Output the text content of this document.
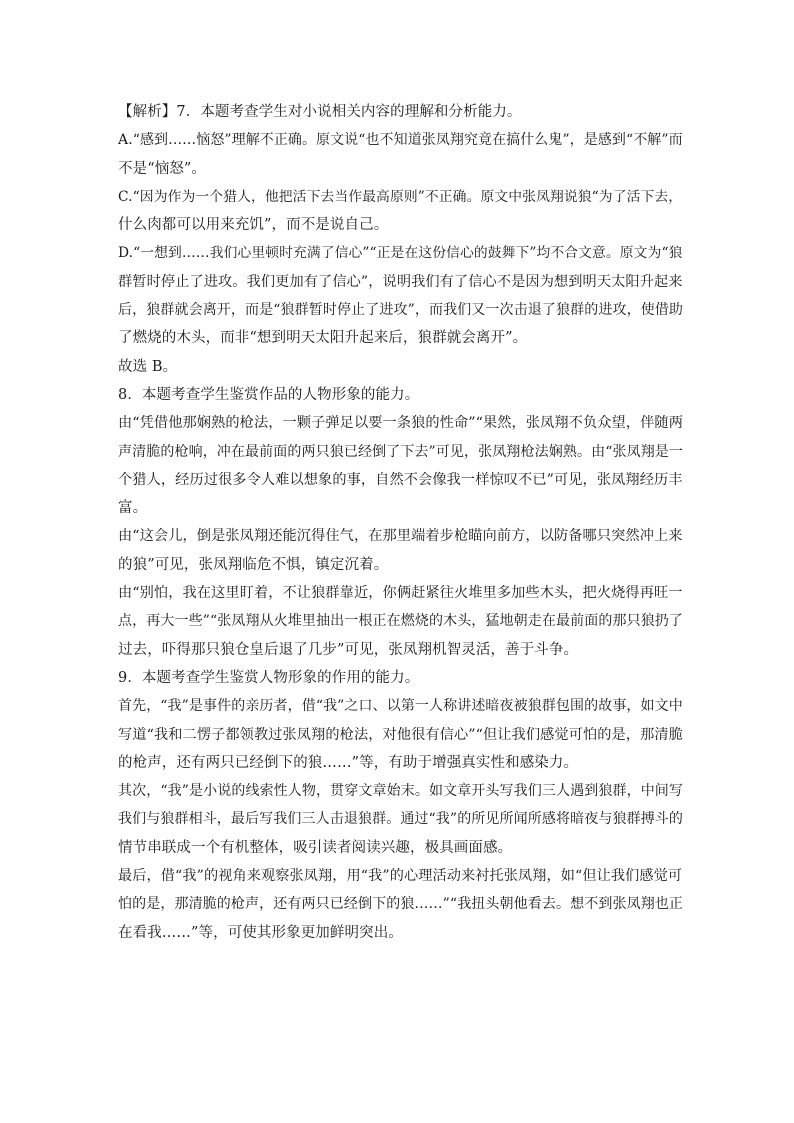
【解析】7．本题考查学生对小说相关内容的理解和分析能力。
A.“感到……恼怒”理解不正确。原文说“也不知道张凤翔究竟在搞什么鬼”，是感到“不解”而
不是“恼怒”。
C.“因为作为一个猎人，他把活下去当作最高原则”不正确。原文中张凤翔说狼“为了活下去，
什么肉都可以用来充饥”，而不是说自己。
D.“一想到……我们心里顿时充满了信心”“正是在这份信心的鼓舞下”均不合文意。原文为“狼
群暂时停止了进攻。我们更加有了信心”，说明我们有了信心不是因为想到明天太阳升起来
后，狼群就会离开，而是“狼群暂时停止了进攻”，而我们又一次击退了狼群的进攻，使借助
了燃烧的木头，而非“想到明天太阳升起来后，狼群就会离开”。
故选 B。
8．本题考查学生鉴赏作品的人物形象的能力。
由“凭借他那娴熟的枪法，一颗子弹足以要一条狼的性命”“果然，张凤翔不负众望，伴随两
声清脆的枪响，冲在最前面的两只狼已经倒了下去”可见，张凤翔枪法娴熟。由“张凤翔是一
个猎人，经历过很多令人难以想象的事，自然不会像我一样惊叹不已”可见，张凤翔经历丰
富。
由“这会儿，倒是张凤翔还能沉得住气，在那里端着步枪瞄向前方，以防备哪只突然冲上来
的狼”可见，张凤翔临危不惧，镇定沉着。
由“别怕，我在这里盯着，不让狼群靠近，你俩赶紧往火堆里多加些木头，把火烧得再旺一
点，再大一些”“张凤翔从火堆里抽出一根正在燃烧的木头，猛地朝走在最前面的那只狼扔了
过去，吓得那只狼仓皇后退了几步”可见，张凤翔机智灵活，善于斗争。
9．本题考查学生鉴赏人物形象的作用的能力。
首先，“我”是事件的亲历者，借“我”之口、以第一人称讲述暗夜被狼群包围的故事，如文中
写道“我和二愣子都领教过张凤翔的枪法，对他很有信心”“但让我们感觉可怕的是，那清脆
的枪声，还有两只已经倒下的狼……”等，有助于增强真实性和感染力。
其次，“我”是小说的线索性人物，贯穿文章始末。如文章开头写我们三人遇到狼群，中间写
我们与狼群相斗，最后写我们三人击退狼群。通过“我”的所见所闻所感将暗夜与狼群搏斗的
情节串联成一个有机整体，吸引读者阅读兴趣，极具画面感。
最后，借“我”的视角来观察张凤翔，用“我”的心理活动来衬托张凤翔，如“但让我们感觉可
怕的是，那清脆的枪声，还有两只已经倒下的狼……”“我扭头朝他看去。想不到张凤翔也正
在看我……”等，可使其形象更加鲜明突出。
